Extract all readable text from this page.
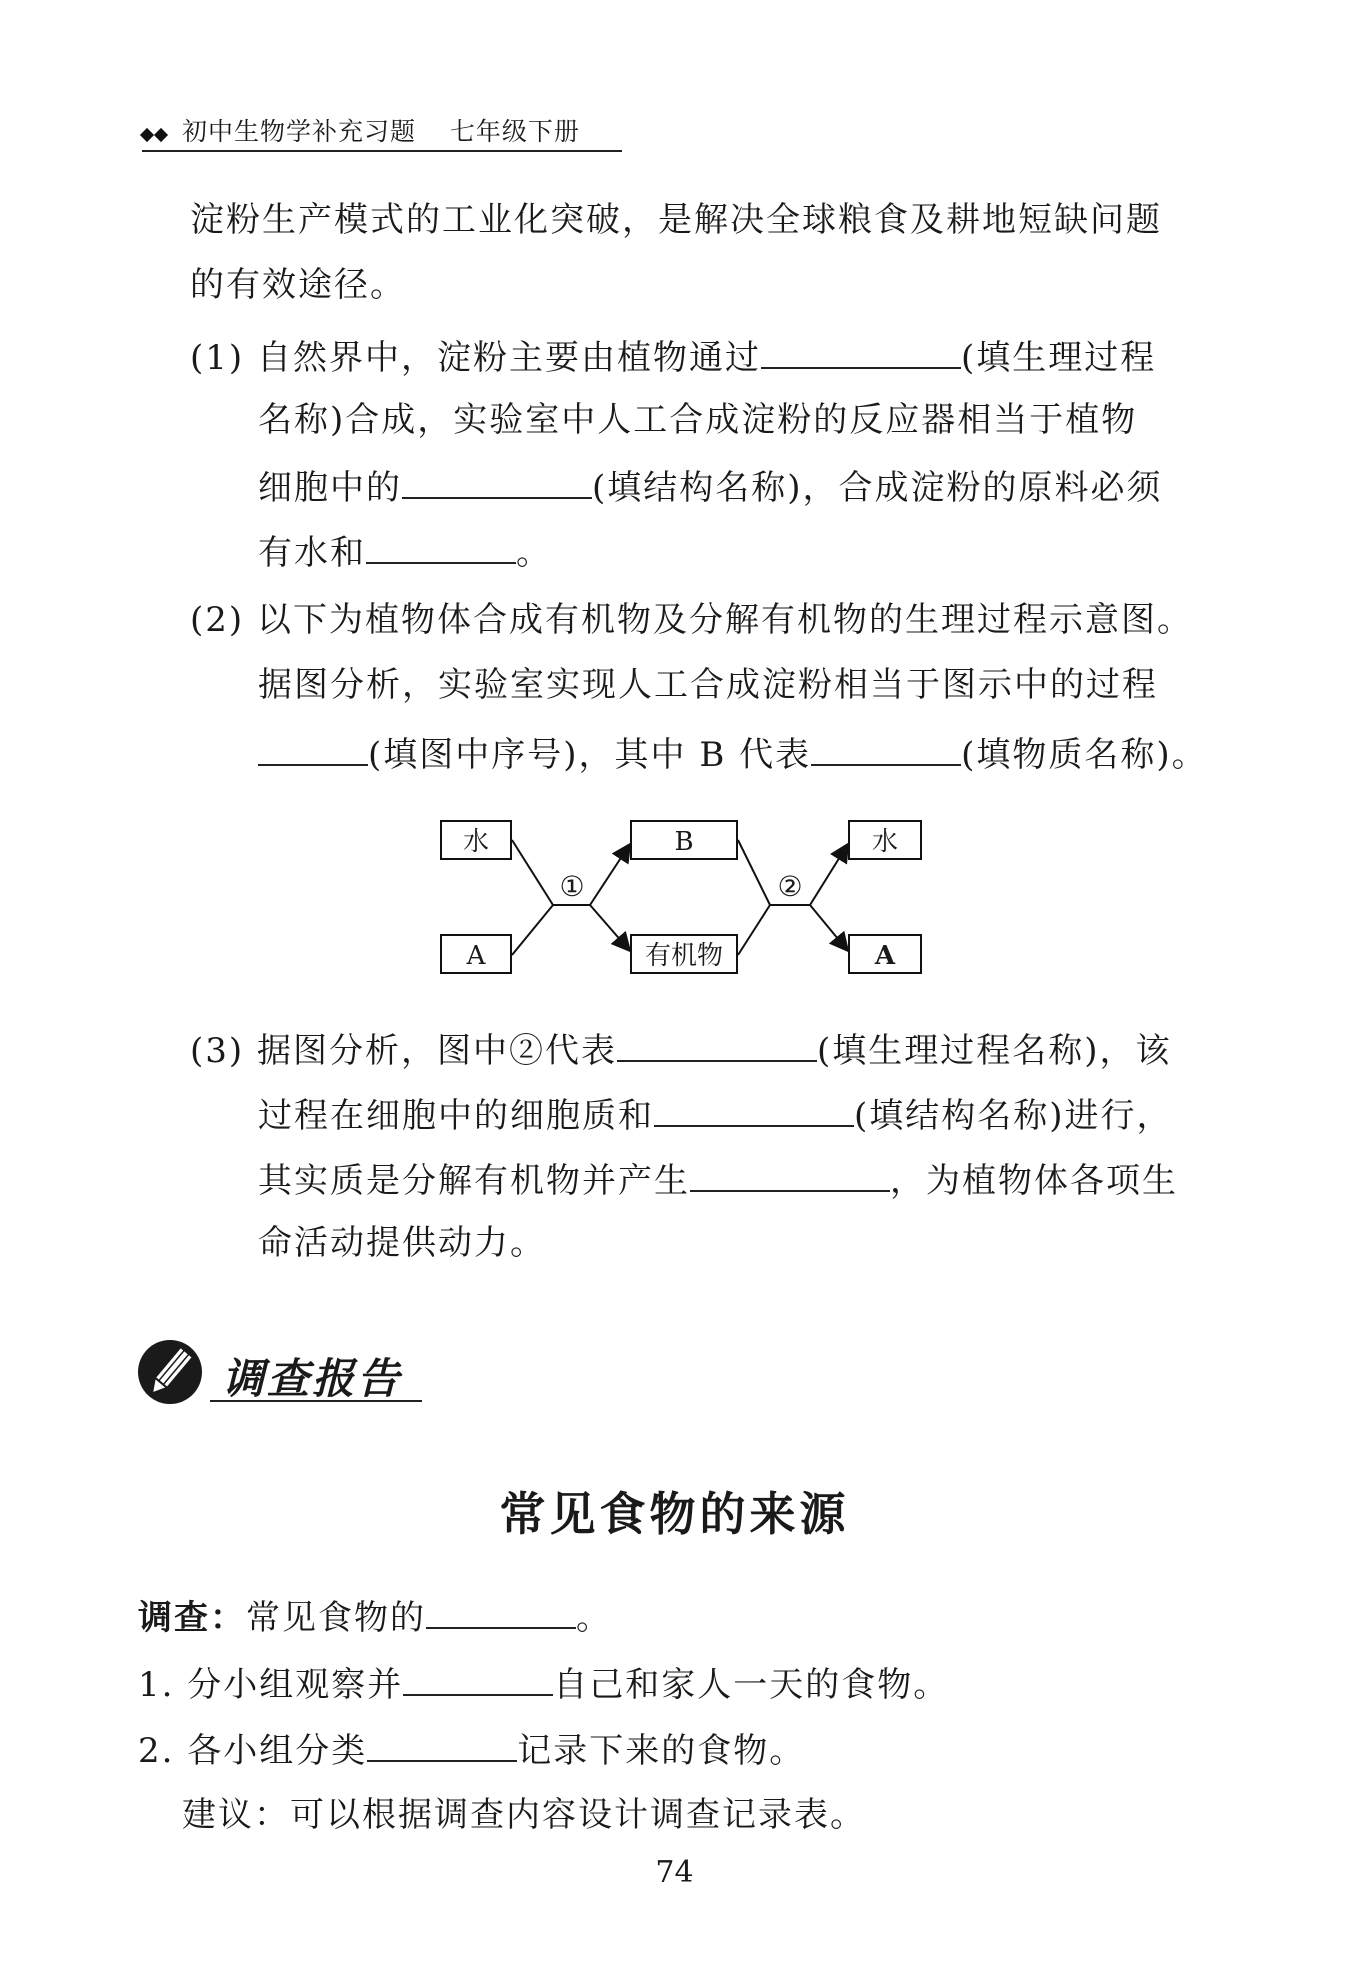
初中生物学补充习题 七年级下册
淀粉生产模式的工业化突破，是解决全球粮食及耕地短缺问题
的有效途径。
(1) 自然界中，淀粉主要由植物通过	(填生理过程
名称)合成，实验室中人工合成淀粉的反应器相当于植物
细胞中的	(填结构名称)，合成淀粉的原料必须
有水和	。
(2) 以下为植物体合成有机物及分解有机物的生理过程示意图。
据图分析，实验室实现人工合成淀粉相当于图示中的过程
(填图中序号)，其中 B 代表	(填物质名称)。
水
A
B
有机物
水
A
①	②
(3) 据图分析，图中②代表	(填生理过程名称)，该
过程在细胞中的细胞质和	(填结构名称)进行，
其实质是分解有机物并产生	，为植物体各项生
命活动提供动力。
调查报告
常见食物的来源
调查：常见食物的	。
1. 分小组观察并	自己和家人一天的食物。
2. 各小组分类	记录下来的食物。
建议：可以根据调查内容设计调查记录表。
74
